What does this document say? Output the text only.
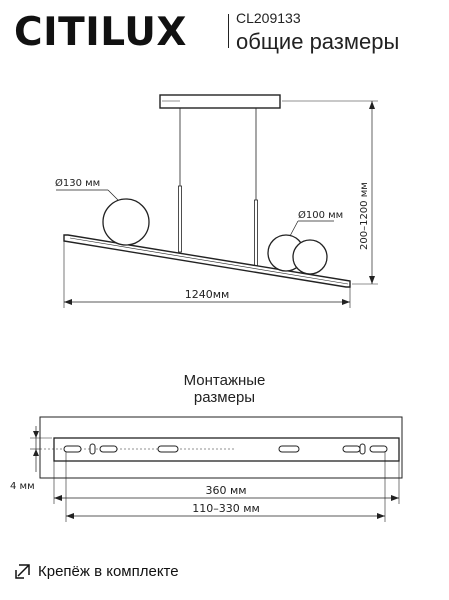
CITILUX	CL209133
общие размеры
Ø130 мм
Ø100 мм 200–1200 мм
1240мм
4 мм	360 мм
110–330 мм
Монтажные
размеры
Крепёж в комплекте
